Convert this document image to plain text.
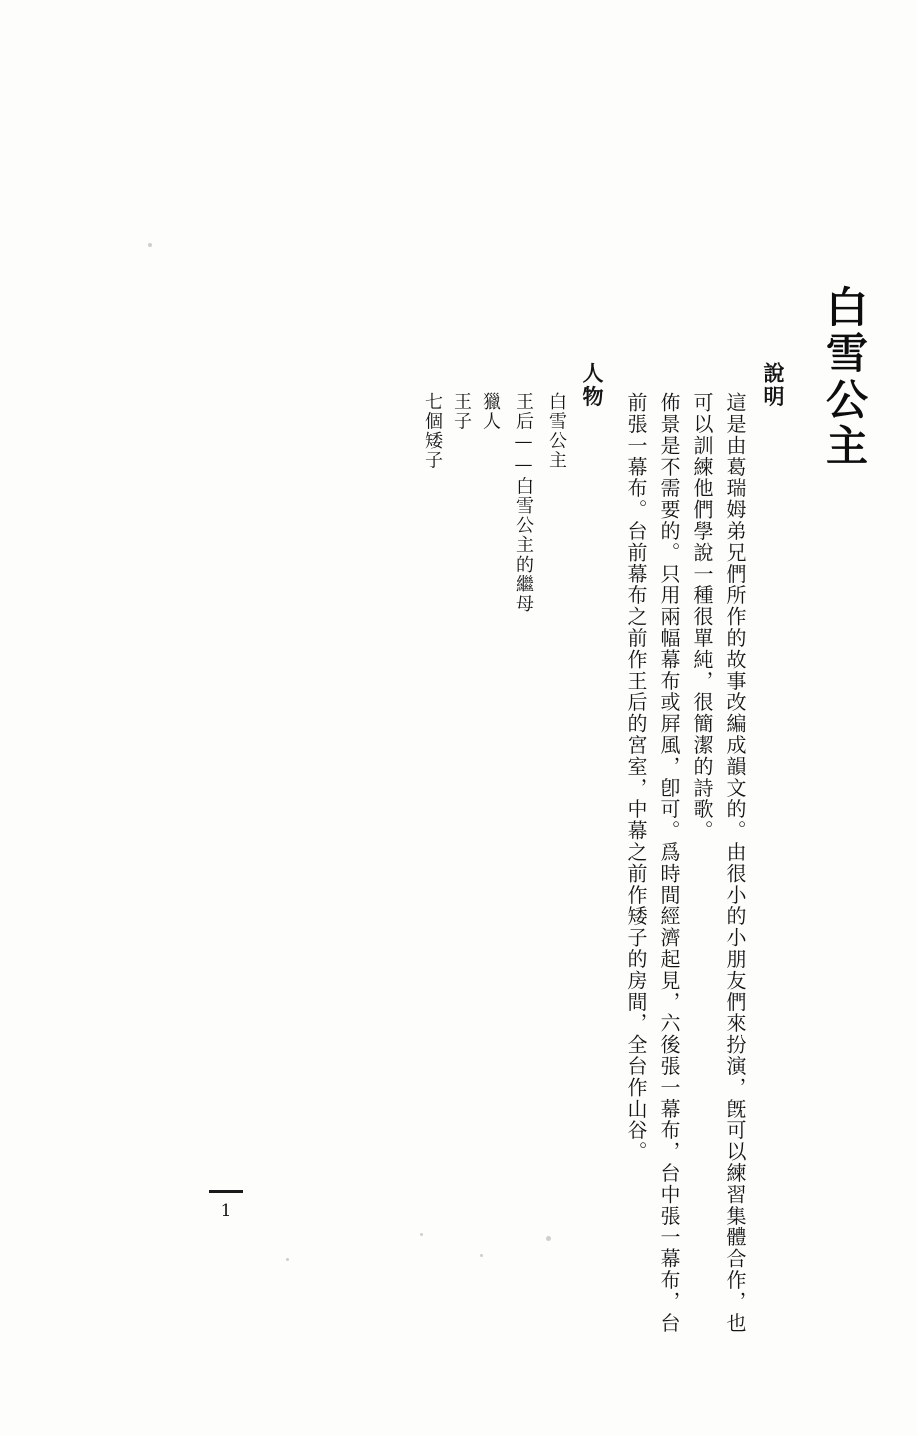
白雪公主
說明
這是由葛瑞姆弟兄們所作的故事改編成韻文的。由很小的小朋友們來扮演，旣可以練習集體合作，也
可以訓練他們學說一種很單純，很簡潔的詩歌。
佈景是不需要的。只用兩幅幕布或屛風，卽可。爲時間經濟起見，六後張一幕布，台中張一幕布，台
前張一幕布。台前幕布之前作王后的宮室，中幕之前作矮子的房間，全台作山谷。
人物
白雪公主
王后——白雪公主的繼母
獵人
王子
七個矮子
1
